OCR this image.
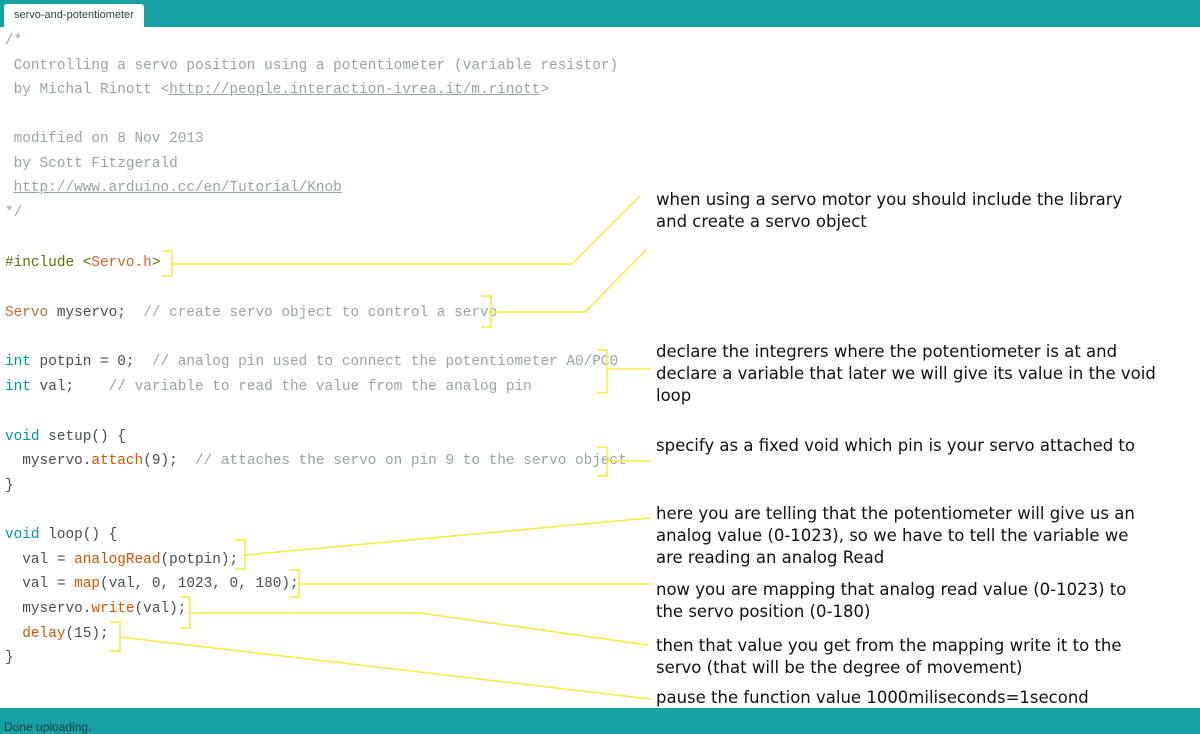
servo-and-potentiometer
/*
Controlling a servo position using a potentiometer (variable resistor)
by Michal Rinott <http://people.interaction-ivrea.it/m.rinott>
modified on 8 Nov 2013
by Scott Fitzgerald
http://www.arduino.cc/en/Tutorial/Knob
*/
#include <Servo.h>
Servo myservo;  // create servo object to control a servo
int potpin = 0;  // analog pin used to connect the potentiometer A0/PC0
int val;    // variable to read the value from the analog pin
void setup() {
myservo.attach(9);  // attaches the servo on pin 9 to the servo object
}
void loop() {
val = analogRead(potpin);
val = map(val, 0, 1023, 0, 180);
myservo.write(val);
delay(15);
}
when using a servo motor you should include the library and create a servo object
declare the integrers where the potentiometer is at and declare a variable that later we will give its value in the void loop
specify as a fixed void which pin is your servo attached to
here you are telling that the potentiometer will give us an analog value (0-1023), so we have to tell the variable we are reading an analog Read
now you are mapping that analog read value (0-1023) to the servo position (0-180)
then that value you get from the mapping write it to the servo (that will be the degree of movement)
pause the function value 1000miliseconds=1second
Done uploading.
